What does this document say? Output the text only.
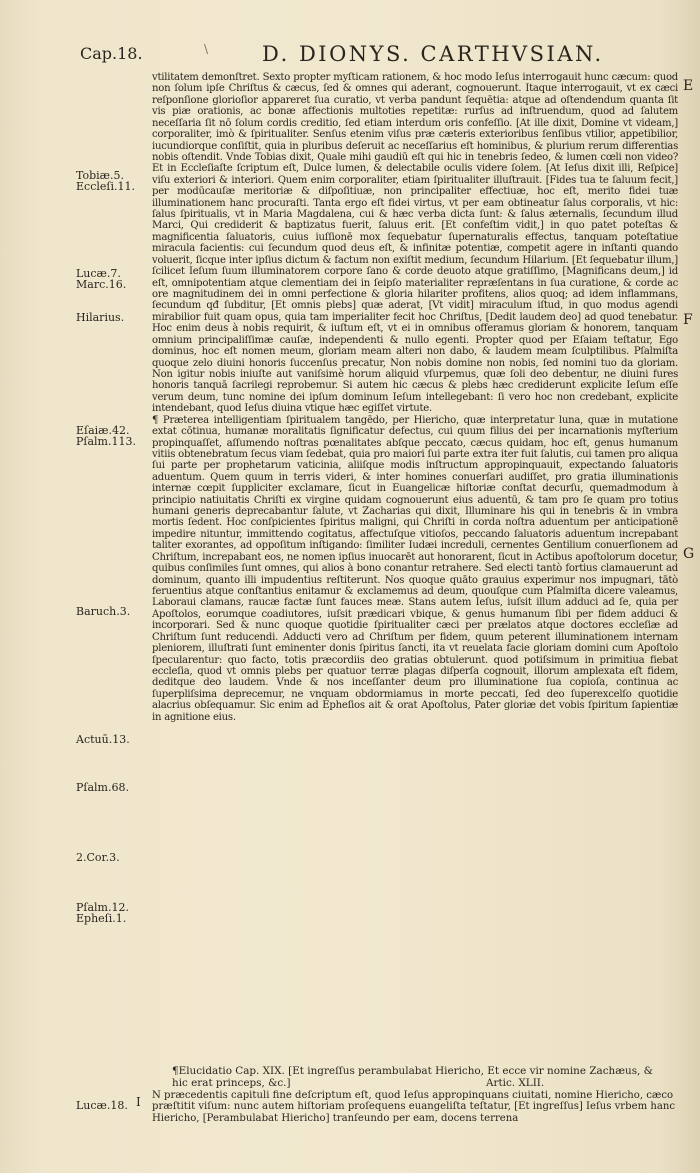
Cap.18.	\	D. DIONYS. CARTHVSIAN.
E
F
G
Tobiæ.5.
Eccleſi.11.
Lucæ.7.
Marc.16.
Hilarius.
Eſaiæ.42.
Pſalm.113.
Baruch.3.
Actuū.13.
Pſalm.68.
2.Cor.3.
Pſalm.12.
Epheſi.1.
Lucæ.18.

vtilitatem demonſtret. Sexto propter myſticam rationem, & hoc modo Ieſus interrogauit hunc cæcum: quod non ſolum ipſe Chriſtus & cæcus, ſed & omnes qui aderant, cognouerunt. Itaque interrogauit, vt ex cæci reſponſione glorioſior appareret ſua curatio, vt verba pandunt ſequētia: atque ad oſtendendum quanta ſit vis piæ orationis, ac bonæ affectionis multoties repetitæ: rurſus ad inſtruendum, quod ad ſalutem neceſſaria ſit nō ſolum cordis creditio, ſed etiam interdum oris confeſſio. [At ille dixit, Domine vt videam,] corporaliter, imò & ſpiritualiter. Senſus etenim viſus præ cæteris exterioribus ſenſibus vtilior, appetibilior, iucundiorque conſiſtit, quia in pluribus deſeruit ac neceſſarius eſt hominibus, & plurium rerum differentias nobis oſtendit. Vnde Tobias dixit, Quale mihi gaudiū eſt qui hic in tenebris ſedeo, & lumen cœli non video? Et in Eccleſiaſte ſcriptum eſt, Dulce lumen, & delectabile oculis videre ſolem. [At Ieſus dixit illi, Reſpice] viſu exteriori & interiori. Quem enim corporaliter, etiam ſpiritualiter illuſtrauit. [Fides tua te ſaluum fecit,] per modūcauſæ meritoriæ & diſpoſitiuæ, non principaliter effectiuæ, hoc eſt, merito fidei tuæ illuminationem hanc procuraſti. Tanta ergo eſt fidei virtus, vt per eam obtineatur ſalus corporalis, vt hic: ſalus ſpiritualis, vt in Maria Magdalena, cui & hæc verba dicta ſunt: & ſalus æternalis, ſecundum illud Marci, Qui crediderit & baptizatus fuerit, ſaluus erit. [Et confeſtim vidit,] in quo patet poteſtas & magnificentia ſaluatoris, cuius iuſſionē mox ſequebatur ſupernaturalis effectus, tanquam poteſtatiue miracula facientis: cui ſecundum quod deus eſt, & infinitæ potentiæ, competit agere in inſtanti quando voluerit, ſicque inter ipſius dictum & factum non exiſtit medium, ſecundum Hilarium. [Et ſequebatur illum,] ſcilicet Ieſum ſuum illuminatorem corpore ſano & corde deuoto atque gratiſſimo, [Magnificans deum,] id eſt, omnipotentiam atque clementiam dei in ſeipſo materialiter repræſentans in ſua curatione, & corde ac ore magnitudinem dei in omni perfectione & gloria hilariter profitens, alios quoq; ad idem inflammans, ſecundum qđ ſubditur, [Et omnis plebs] quæ aderat, [Vt vidit] miraculum iſtud, in quo modus agendi mirabilior fuit quam opus, quia tam imperialiter fecit hoc Chriſtus, [Dedit laudem deo] ad quod tenebatur. Hoc enim deus à nobis requirit, & iuſtum eſt, vt ei in omnibus offeramus gloriam & honorem, tanquam omnium principaliſſimæ cauſæ, independenti & nullo egenti. Propter quod per Eſaiam teſtatur, Ego dominus, hoc eſt nomen meum, gloriam meam alteri non dabo, & laudem meam ſculptilibus. Pſalmiſta quoque zelo diuini honoris ſuccenſus precatur, Non nobis domine non nobis, ſed nomini tuo da gloriam. Non igitur nobis iniuſte aut vaniſsimè horum aliquid vſurpemus, quæ ſoli deo debentur, ne diuini fures honoris tanquā ſacrilegi reprobemur. Si autem hic cæcus & plebs hæc crediderunt explicite Ieſum eſſe verum deum, tunc nomine dei ipſum dominum Ieſum intellegebant: ſi vero hoc non credebant, explicite intendebant, quod Ieſus diuina vtique hæc egiſſet virtute.

¶ Præterea intelligentiam ſpiritualem tangēdo, per Hiericho, quæ interpretatur luna, quæ in mutatione extat cōtinua, humanæ moralitatis ſignificatur defectus, cui quum filius dei per incarnationis myſterium propinquaſſet, aſſumendo noſtras pœnalitates abſque peccato, cæcus quidam, hoc eſt, genus humanum vitiis obtenebratum ſecus viam ſedebat, quia pro maiori ſui parte extra iter fuit ſalutis, cui tamen pro aliqua ſui parte per prophetarum vaticinia, aliiſque modis inſtructum appropinquauit, expectando ſaluatoris aduentum. Quem quum in terris videri, & inter homines conuerſari audiſſet, pro gratia illuminationis internæ cœpit ſuppliciter exclamare, ſicut in Euangelicæ hiſtoriæ conſtat decurſu, quemadmodum à principio natiuitatis Chriſti ex virgine quidam cognouerunt eius aduentū, & tam pro ſe quam pro totius humani generis deprecabantur ſalute, vt Zacharias qui dixit, Illuminare his qui in tenebris & in vmbra mortis ſedent. Hoc conſpicientes ſpiritus maligni, qui Chriſti in corda noſtra aduentum per anticipationē impedire nituntur, immittendo cogitatus, affectuſque vitioſos, peccando ſaluatoris aduentum increpabant taliter exorantes, ad oppoſitum inſtigando: ſimiliter Iudæi increduli, cernentes Gentilium conuerſionem ad Chriſtum, increpabant eos, ne nomen ipſius inuocarēt aut honorarent, ſicut in Actibus apoſtolorum docetur, quibus conſimiles ſunt omnes, qui alios à bono conantur retrahere. Sed electi tantò fortius clamauerunt ad dominum, quanto illi impudentius reſtiterunt. Nos quoque quāto grauius experimur nos impugnari, tātò feruentius atque conſtantius enitamur & exclamemus ad deum, quouſque cum Pſalmiſta dicere valeamus, Laboraui clamans, raucæ factæ ſunt fauces meæ. Stans autem Ieſus, iuſsit illum adduci ad ſe, quia per Apoſtolos, eorumque coadiutores, iuſsit prædicari vbique, & genus humanum ſibi per fidem adduci & incorporari. Sed & nunc quoque quotidie ſpiritualiter cæci per prælatos atque doctores eccleſiæ ad Chriſtum ſunt reducendi. Adducti vero ad Chriſtum per fidem, quum peterent illuminationem internam pleniorem, illuſtrati ſunt eminenter donis ſpiritus ſancti, ita vt reuelata facie gloriam domini cum Apoſtolo ſpecularentur: quo facto, totis præcordiis deo gratias obtulerunt. quod potiſsimum in primitiua fiebat eccleſia, quod vt omnis plebs per quatuor terræ plagas diſperſa cognouit, illorum amplexata eſt fidem, deditque deo laudem. Vnde & nos inceſſanter deum pro illuminatione ſua copioſa, continua ac ſuperpliſsima deprecemur, ne vnquam obdormiamus in morte peccati, ſed deo ſuperexcelſo quotidie alacrius obſequamur. Sic enim ad Epheſios ait & orat Apoſtolus, Pater gloriæ det vobis ſpiritum ſapientiæ in agnitione eius.

¶Elucidatio Cap. XIX. [Et ingreſſus perambulabat Hiericho, Et ecce vir nomine Zachæus, & hic erat princeps, &c.]	Artic. XLII.
I N præcedentis capituli fine deſcriptum eſt, quod Ieſus appropinquans ciuitati, nomine Hiericho, cæco præſtitit viſum: nunc autem hiſtoriam proſequens euangeliſta teſtatur, [Et ingreſſus] Ieſus vrbem hanc Hiericho, [Perambulabat Hiericho] tranſeundo per eam, docens terrena
